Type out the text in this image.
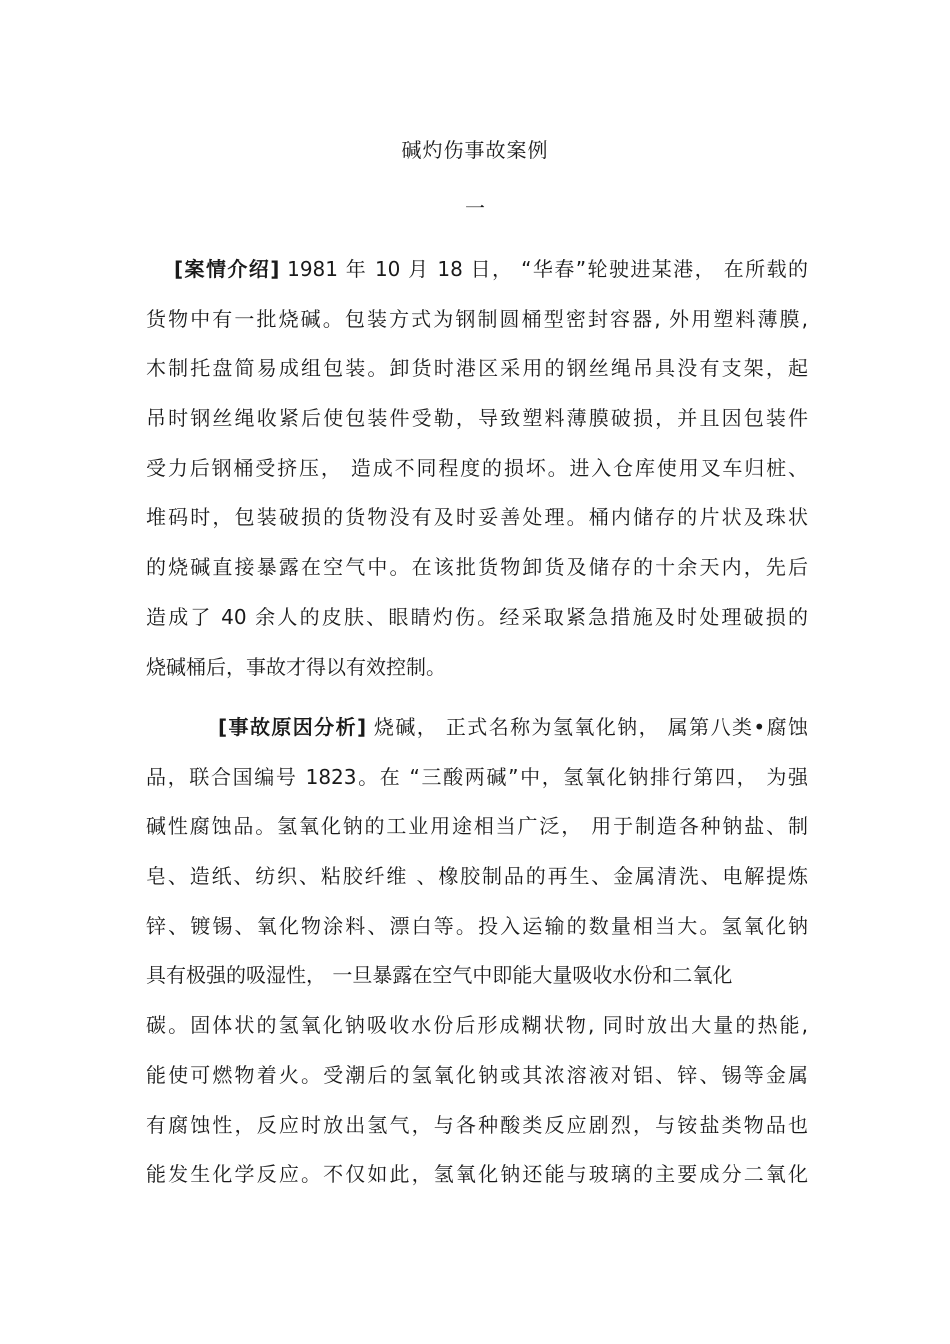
碱灼伤事故案例
一
[案情介绍] 1981 年 10 月 18 日， “华春”轮驶进某港， 在所载的
货物中有一批烧碱。包装方式为钢制圆桶型密封容器, 外用塑料薄膜,
木制托盘简易成组包装。卸货时港区采用的钢丝绳吊具没有支架，起
吊时钢丝绳收紧后使包装件受勒，导致塑料薄膜破损，并且因包装件
受力后钢桶受挤压， 造成不同程度的损坏。进入仓库使用叉车归桩、
堆码时，包装破损的货物没有及时妥善处理。桶内储存的片状及珠状
的烧碱直接暴露在空气中。在该批货物卸货及储存的十余天内，先后
造成了 40 余人的皮肤、眼睛灼伤。经采取紧急措施及时处理破损的
烧碱桶后，事故才得以有效控制。
[事故原因分析] 烧碱， 正式名称为氢氧化钠， 属第八类•腐蚀
品，联合国编号 1823。在 “三酸两碱”中，氢氧化钠排行第四， 为强
碱性腐蚀品。氢氧化钠的工业用途相当广泛， 用于制造各种钠盐、制
皂、造纸、纺织、粘胶纤维 、橡胶制品的再生、金属清洗、电解提炼
锌、镀锡、氧化物涂料、漂白等。投入运输的数量相当大。氢氧化钠
具有极强的吸湿性， 一旦暴露在空气中即能大量吸收水份和二氧化
碳。固体状的氢氧化钠吸收水份后形成糊状物, 同时放出大量的热能,
能使可燃物着火。受潮后的氢氧化钠或其浓溶液对铝、锌、锡等金属
有腐蚀性，反应时放出氢气，与各种酸类反应剧烈，与铵盐类物品也
能发生化学反应。不仅如此，氢氧化钠还能与玻璃的主要成分二氧化
